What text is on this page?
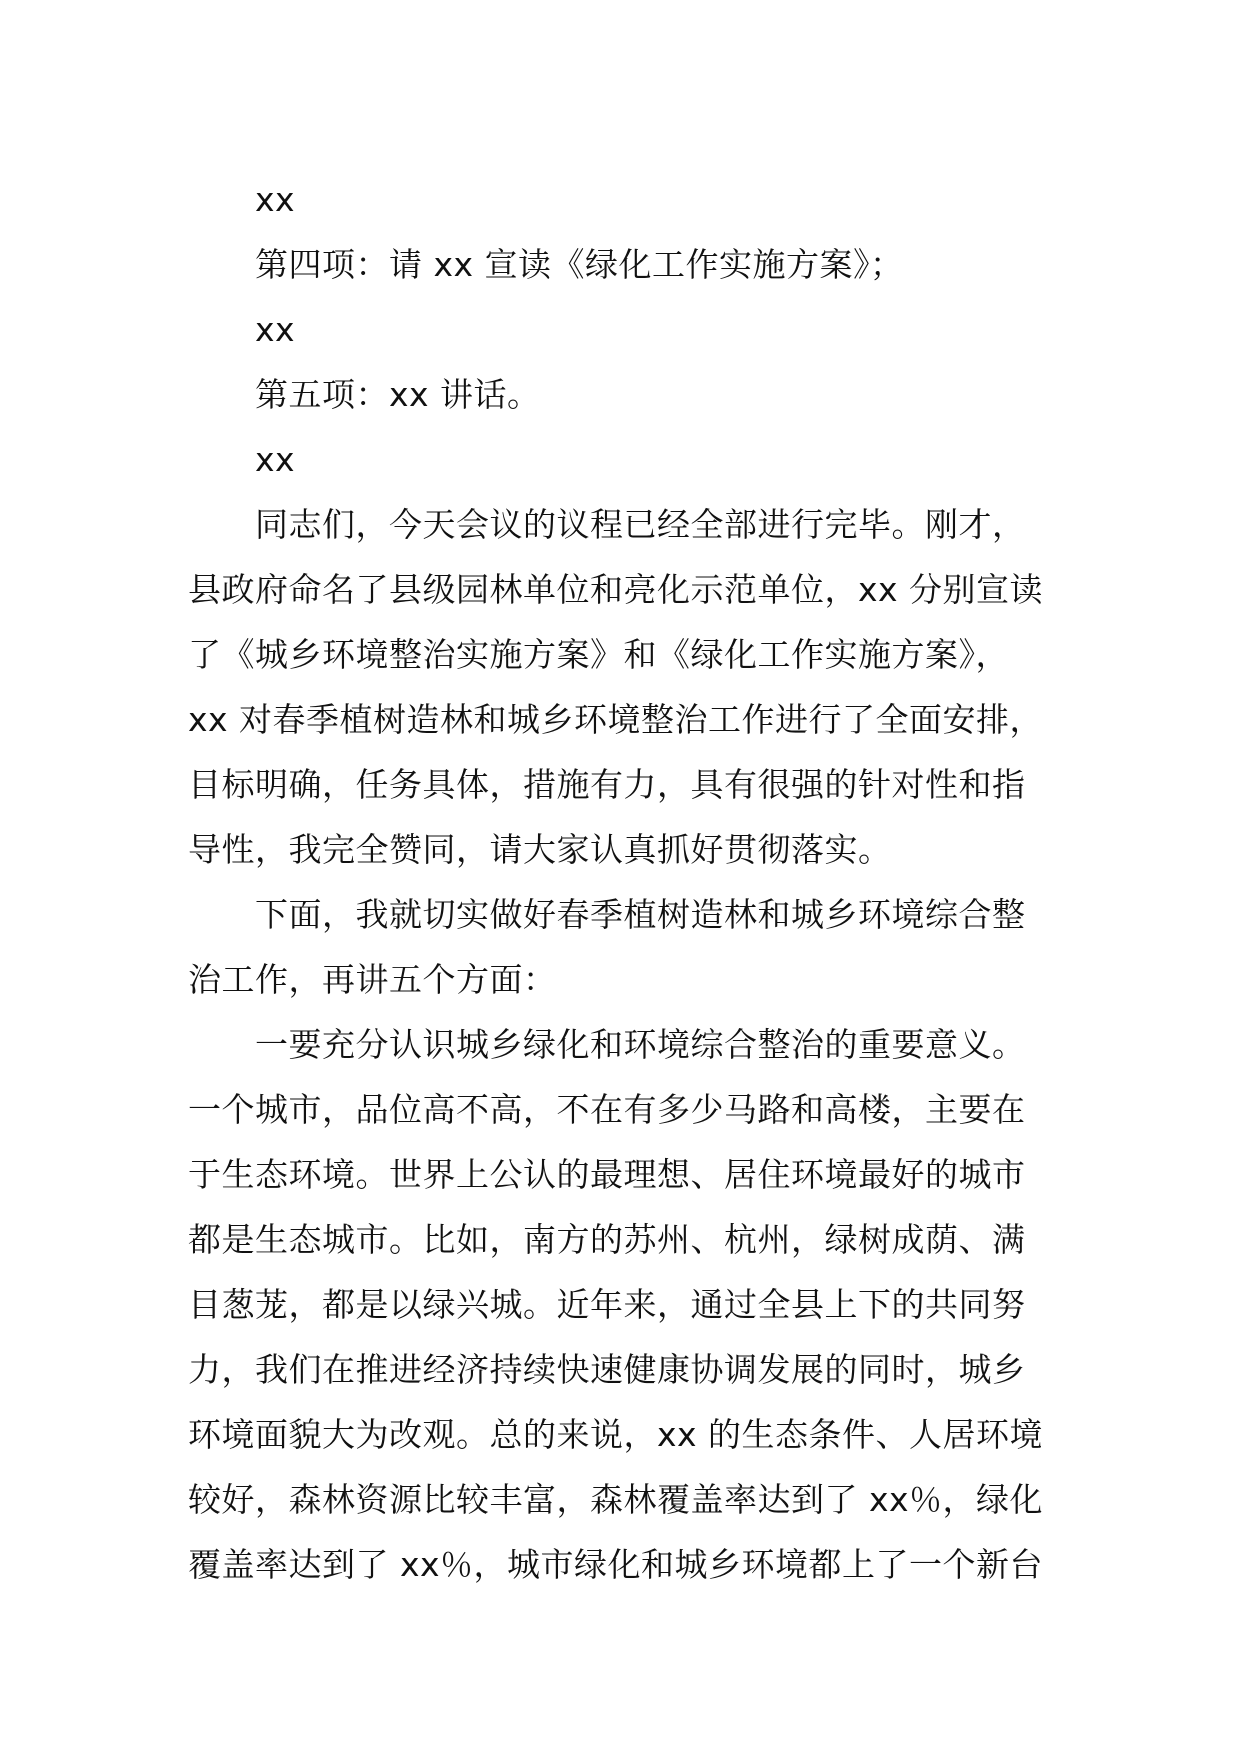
xx
第四项：请 xx 宣读《绿化工作实施方案》；
xx
第五项：xx 讲话。
xx
同志们，今天会议的议程已经全部进行完毕。刚才，
县政府命名了县级园林单位和亮化示范单位，xx 分别宣读
了《城乡环境整治实施方案》和《绿化工作实施方案》，
xx 对春季植树造林和城乡环境整治工作进行了全面安排，
目标明确，任务具体，措施有力，具有很强的针对性和指
导性，我完全赞同，请大家认真抓好贯彻落实。
下面，我就切实做好春季植树造林和城乡环境综合整
治工作，再讲五个方面：
一要充分认识城乡绿化和环境综合整治的重要意义。
一个城市，品位高不高，不在有多少马路和高楼，主要在
于生态环境。世界上公认的最理想、居住环境最好的城市
都是生态城市。比如，南方的苏州、杭州，绿树成荫、满
目葱茏，都是以绿兴城。近年来，通过全县上下的共同努
力，我们在推进经济持续快速健康协调发展的同时，城乡
环境面貌大为改观。总的来说，xx 的生态条件、人居环境
较好，森林资源比较丰富，森林覆盖率达到了 xx％，绿化
覆盖率达到了 xx％，城市绿化和城乡环境都上了一个新台
